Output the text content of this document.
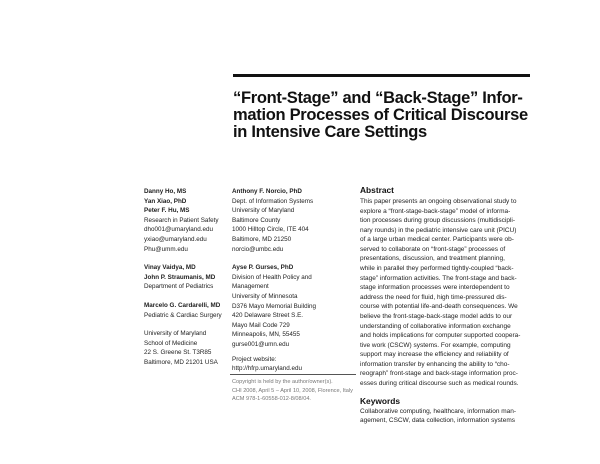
“Front-Stage” and “Back-Stage” Infor-
mation Processes of Critical Discourse
in Intensive Care Settings
Danny Ho, MS
Yan Xiao, PhD
Peter F. Hu, MS
Research in Patient Safety
dho001@umaryland.edu
yxiao@umaryland.edu
Phu@umm.edu
Vinay Vaidya, MD
John P. Straumanis, MD
Department of Pediatrics
Marcelo G. Cardarelli, MD
Pediatric & Cardiac Surgery
University of Maryland
School of Medicine
22 S. Greene St. T3R85
Baltimore, MD 21201 USA
Anthony F. Norcio, PhD
Dept. of Information Systems
University of Maryland
Baltimore County
1000 Hilltop Circle, ITE 404
Baltimore, MD 21250
norcio@umbc.edu
Ayse P. Gurses, PhD
Division of Health Policy and
Management
University of Minnesota
D376 Mayo Memorial Building
420 Delaware Street S.E.
Mayo Mail Code 729
Minneapolis, MN, 55455
gurse001@umn.edu
Project website:
http://hfrp.umaryland.edu
Copyright is held by the author/owner(s).
CHI 2008, April 5 – April 10, 2008, Florence, Italy
ACM 978-1-60558-012-8/08/04.
Abstract
This paper presents an ongoing observational study to
explore a “front-stage-back-stage” model of informa-
tion processes during group discussions (multidiscipli-
nary rounds) in the pediatric intensive care unit (PICU)
of a large urban medical center. Participants were ob-
served to collaborate on “front-stage” processes of
presentations, discussion, and treatment planning,
while in parallel they performed tightly-coupled “back-
stage” information activities. The front-stage and back-
stage information processes were interdependent to
address the need for fluid, high time-pressured dis-
course with potential life-and-death consequences. We
believe the front-stage-back-stage model adds to our
understanding of collaborative information exchange
and holds implications for computer supported coopera-
tive work (CSCW) systems. For example, computing
support may increase the efficiency and reliability of
information transfer by enhancing the ability to “cho-
reograph” front-stage and back-stage information proc-
esses during critical discourse such as medical rounds.
Keywords
Collaborative computing, healthcare, information man-
agement, CSCW, data collection, information systems
